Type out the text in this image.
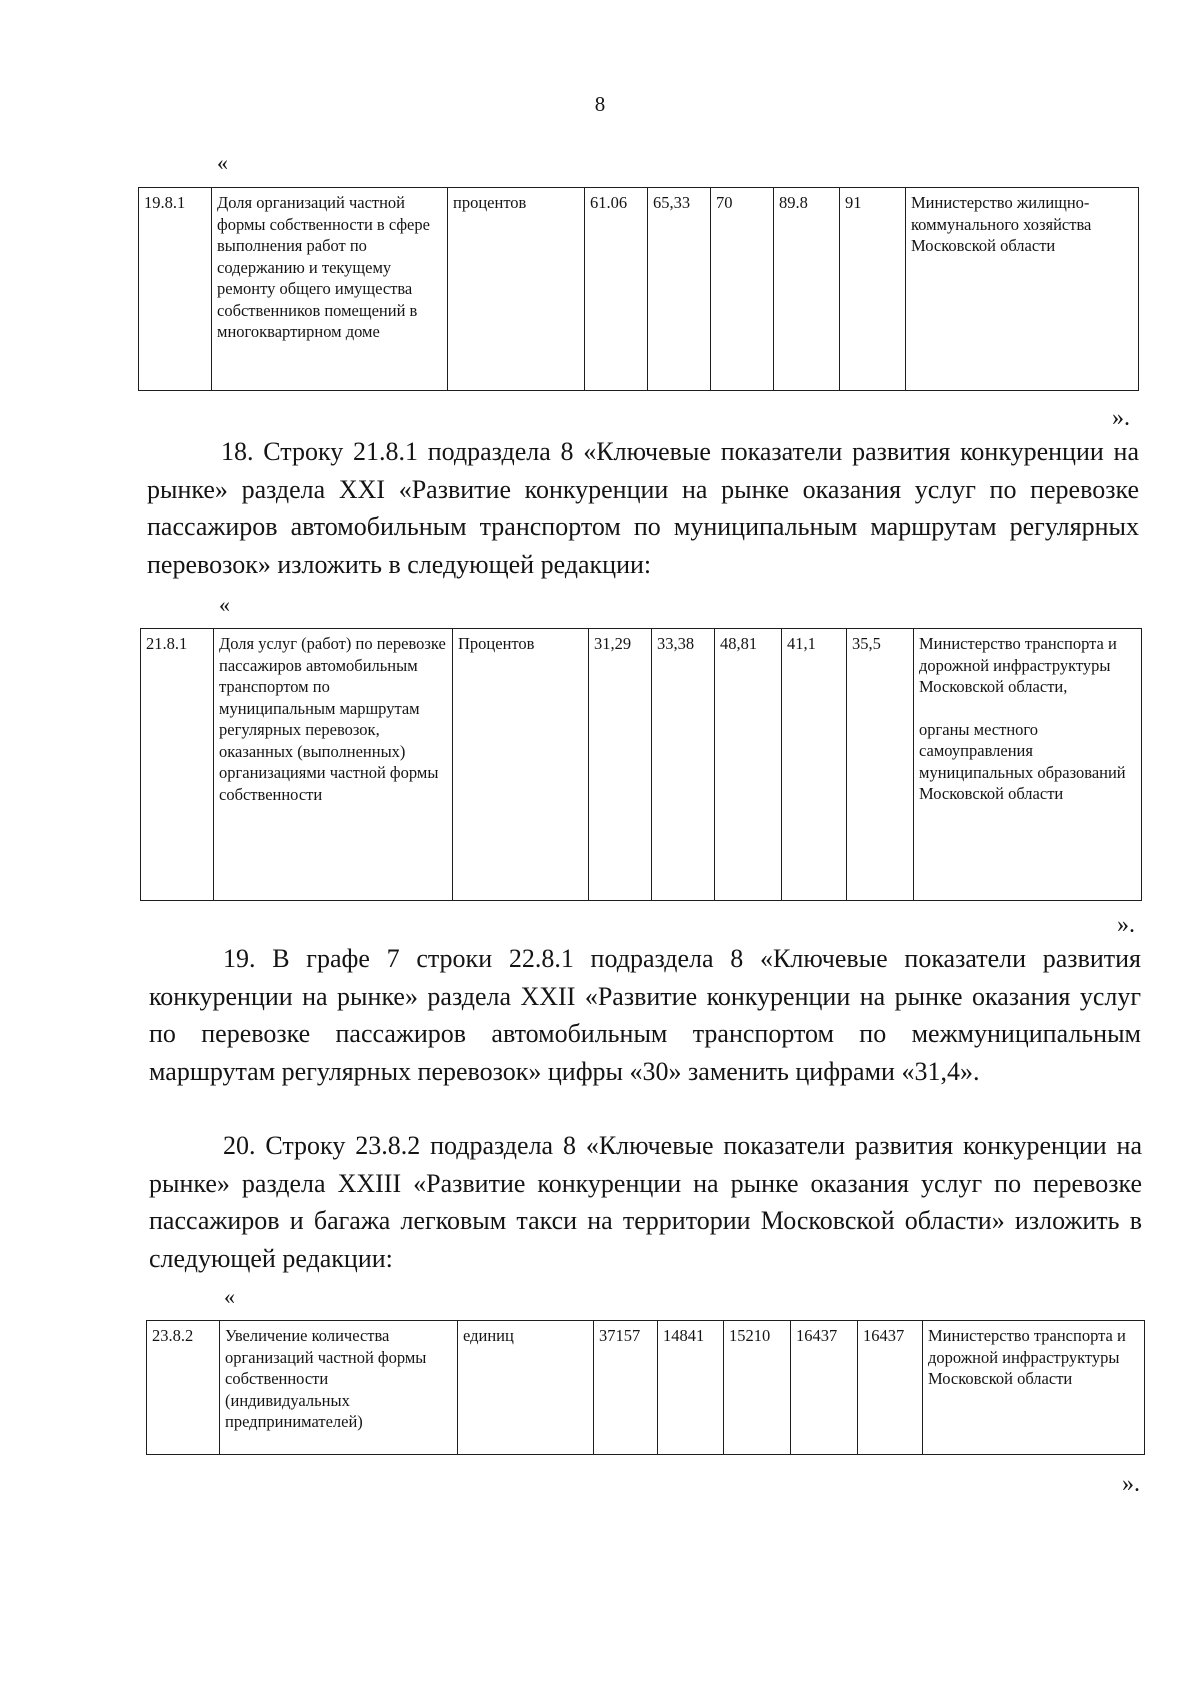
8
«
19.8.1	Доля организаций частной формы собственности в сфере выполнения работ по содержанию и текущему ремонту общего имущества собственников помещений в многоквартирном доме	процентов	61.06	65,33	70	89.8	91	Министерство жилищно-коммунального хозяйства Московской области
».

18. Строку 21.8.1 подраздела 8 «Ключевые показатели развития конкуренции на рынке» раздела XXI «Развитие конкуренции на рынке оказания услуг по перевозке пассажиров автомобильным транспортом по муниципальным маршрутам регулярных перевозок» изложить в следующей редакции:

«
21.8.1	Доля услуг (работ) по перевозке пассажиров автомобильным транспортом по муниципальным маршрутам регулярных перевозок, оказанных (выполненных) организациями частной формы собственности	Процентов	31,29	33,38	48,81	41,1	35,5	Министерство транспорта и дорожной инфраструктуры Московской области,
органы местного самоуправления муниципальных образований Московской области
».

19. В графе 7 строки 22.8.1 подраздела 8 «Ключевые показатели развития конкуренции на рынке» раздела XXII «Развитие конкуренции на рынке оказания услуг по перевозке пассажиров автомобильным транспортом по межмуниципальным маршрутам регулярных перевозок» цифры «30» заменить цифрами «31,4».

20. Строку 23.8.2 подраздела 8 «Ключевые показатели развития конкуренции на рынке» раздела XXIII «Развитие конкуренции на рынке оказания услуг по перевозке пассажиров и багажа легковым такси на территории Московской области» изложить в следующей редакции:

«
23.8.2	Увеличение количества организаций частной формы собственности (индивидуальных предпринимателей)	единиц	37157	14841	15210	16437	16437	Министерство транспорта и дорожной инфраструктуры Московской области
».
